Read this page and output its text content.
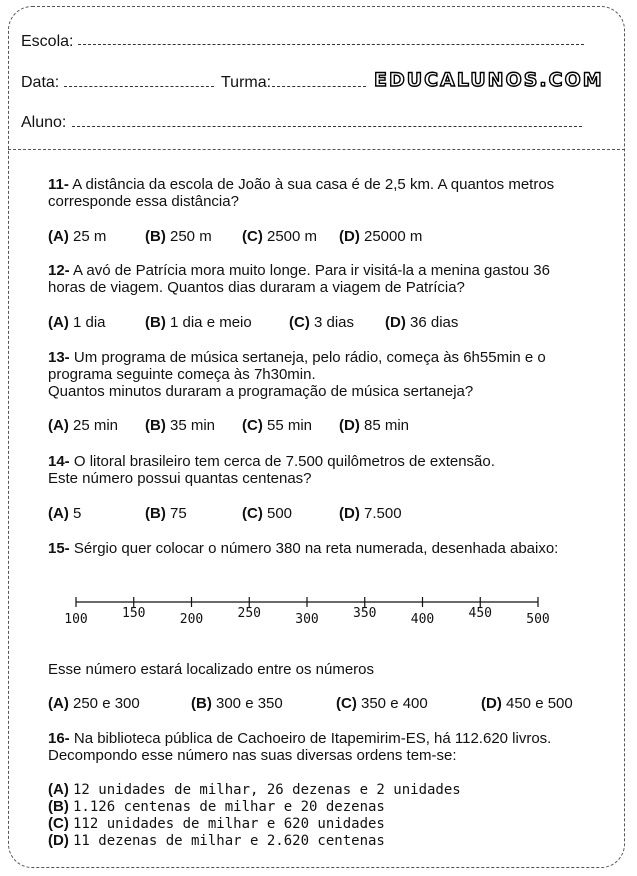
Escola:
Data:	Turma:	EDUCALUNOS.COM
Aluno:
11- A distância da escola de João à sua casa é de 2,5 km. A quantos metros
corresponde essa distância?
(A) 25 m	(B) 250 m (C) 2500 m (D) 25000 m
12- A avó de Patrícia mora muito longe. Para ir visitá-la a menina gastou 36
horas de viagem. Quantos dias duraram a viagem de Patrícia?
(A) 1 dia	(B) 1 dia e meio (C) 3 dias (D) 36 dias
13- Um programa de música sertaneja, pelo rádio, começa às 6h55min e o
programa seguinte começa às 7h30min.
Quantos minutos duraram a programação de música sertaneja?
(A) 25 min (B) 35 min (C) 55 min (D) 85 min
14- O litoral brasileiro tem cerca de 7.500 quilômetros de extensão.
Este número possui quantas centenas?
(A) 5	(B) 75	(C) 500	(D) 7.500
15- Sérgio quer colocar o número 380 na reta numerada, desenhada abaixo:
100	150	200	250	300	350	400	450	500
Esse número estará localizado entre os números
(A) 250 e 300	(B) 300 e 350	(C) 350 e 400	(D) 450 e 500
16- Na biblioteca pública de Cachoeiro de Itapemirim-ES, há 112.620 livros.
Decompondo esse número nas suas diversas ordens tem-se:
(A) 12 unidades de milhar, 26 dezenas e 2 unidades
(B) 1.126 centenas de milhar e 20 dezenas
(C) 112 unidades de milhar e 620 unidades
(D) 11 dezenas de milhar e 2.620 centenas
